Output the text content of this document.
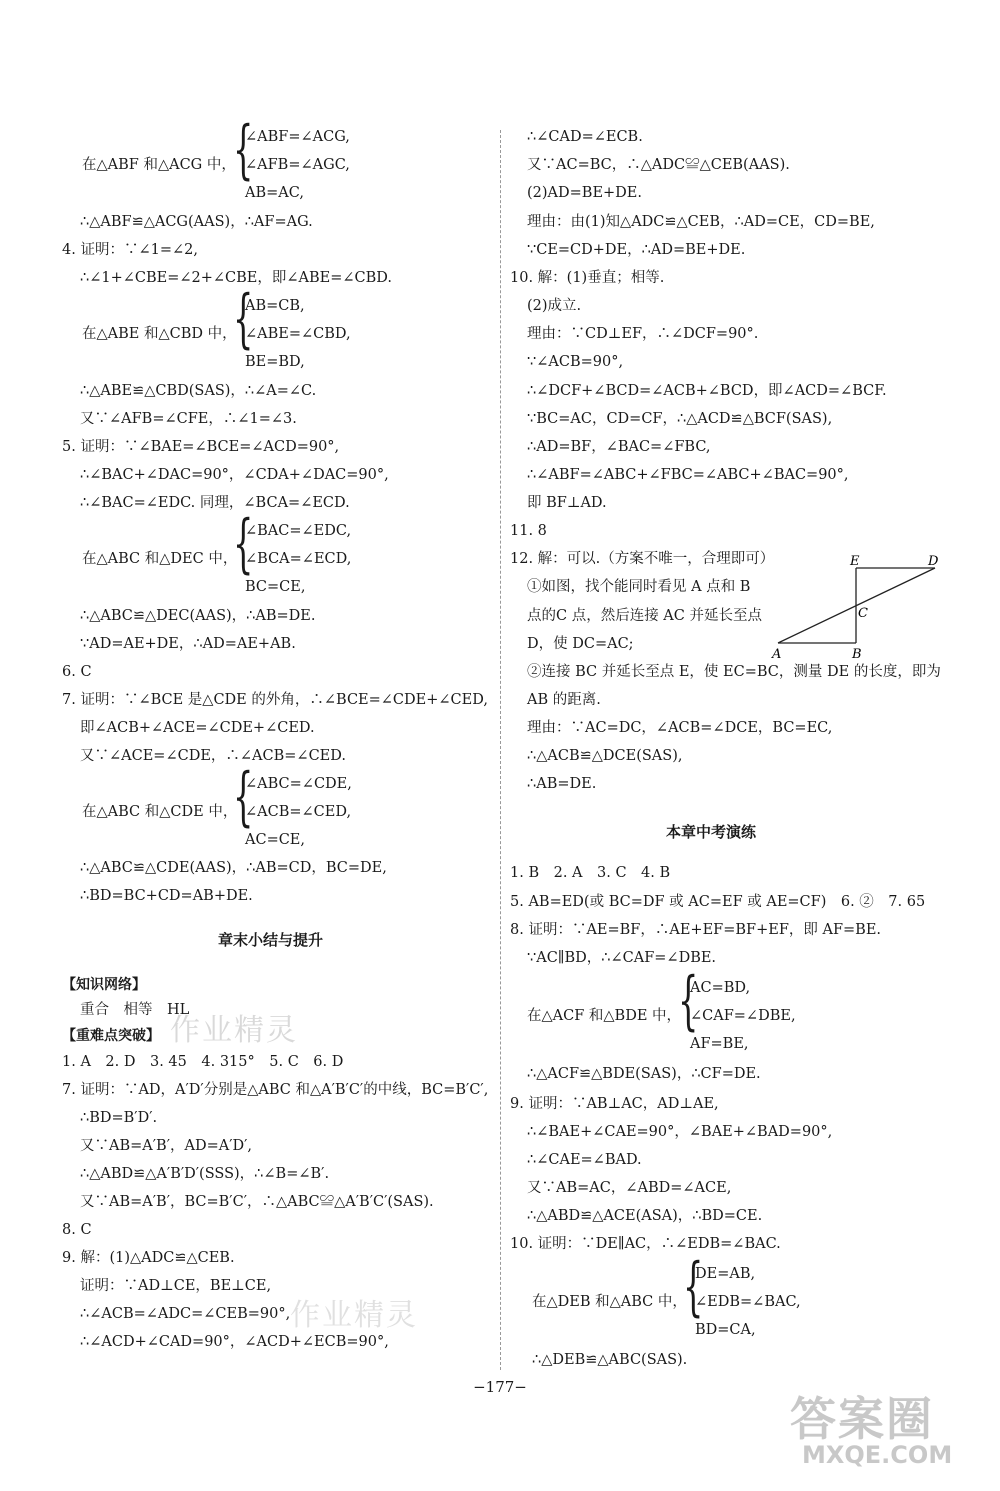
∠ABF=∠ACG,
在△ABF 和△ACG 中， ∠AFB=∠AGC,
AB=AC,
∴△ABF≌△ACG(AAS)，∴AF=AG.
4. 证明：∵∠1=∠2,
∴∠1+∠CBE=∠2+∠CBE，即∠ABE=∠CBD.
AB=CB,
在△ABE 和△CBD 中， ∠ABE=∠CBD,
BE=BD,
∴△ABE≌△CBD(SAS)，∴∠A=∠C.
又∵∠AFB=∠CFE，∴∠1=∠3.
5. 证明：∵∠BAE=∠BCE=∠ACD=90°,
∴∠BAC+∠DAC=90°，∠CDA+∠DAC=90°,
∴∠BAC=∠EDC. 同理，∠BCA=∠ECD.
∠BAC=∠EDC,
在△ABC 和△DEC 中， ∠BCA=∠ECD,
BC=CE,
∴△ABC≌△DEC(AAS)，∴AB=DE.
∵AD=AE+DE，∴AD=AE+AB.
6. C
7. 证明：∵∠BCE 是△CDE 的外角，∴∠BCE=∠CDE+∠CED,
即∠ACB+∠ACE=∠CDE+∠CED.
又∵∠ACE=∠CDE，∴∠ACB=∠CED.
∠ABC=∠CDE,
在△ABC 和△CDE 中， ∠ACB=∠CED,
AC=CE,
∴△ABC≌△CDE(AAS)，∴AB=CD，BC=DE,
∴BD=BC+CD=AB+DE.
【知识网络】
重合　相等　HL
【重难点突破】
1. A　2. D　3. 45　4. 315°　5. C　6. D
7. 证明：∵AD，A′D′分别是△ABC 和△A′B′C′的中线，BC=B′C′,
∴BD=B′D′.
又∵AB=A′B′，AD=A′D′,
∴△ABD≌△A′B′D′(SSS)，∴∠B=∠B′.
又∵AB=A′B′，BC=B′C′，∴△ABC≌△A′B′C′(SAS).
8. C
9. 解：(1)△ADC≌△CEB.
证明：∵AD⊥CE，BE⊥CE,
∴∠ACB=∠ADC=∠CEB=90°,
∴∠ACD+∠CAD=90°，∠ACD+∠ECB=90°,
∴∠CAD=∠ECB.
又∵AC=BC，∴△ADC≌△CEB(AAS).
(2)AD=BE+DE.
理由：由(1)知△ADC≌△CEB，∴AD=CE，CD=BE,
∵CE=CD+DE，∴AD=BE+DE.
10. 解：(1)垂直；相等.
(2)成立.
理由：∵CD⊥EF，∴∠DCF=90°.
∵∠ACB=90°,
∴∠DCF+∠BCD=∠ACB+∠BCD，即∠ACD=∠BCF.
∵BC=AC，CD=CF，∴△ACD≌△BCF(SAS),
∴AD=BF，∠BAC=∠FBC,
∴∠ABF=∠ABC+∠FBC=∠ABC+∠BAC=90°,
即 BF⊥AD.
11. 8
12. 解：可以.（方案不唯一，合理即可）
①如图，找个能同时看见 A 点和 B
点的C 点，然后连接 AC 并延长至点
D，使 DC=AC;
②连接 BC 并延长至点 E，使 EC=BC，测量 DE 的长度，即为
AB 的距离.
理由：∵AC=DC，∠ACB=∠DCE，BC=EC,
∴△ACB≌△DCE(SAS),
∴AB=DE.
1. B　2. A　3. C　4. B
5. AB=ED(或 BC=DF 或 AC=EF 或 AE=CF)　6. ②　7. 65
8. 证明：∵AE=BF，∴AE+EF=BF+EF，即 AF=BE.
∵AC∥BD，∴∠CAF=∠DBE.
AC=BD,
在△ACF 和△BDE 中， ∠CAF=∠DBE,
AF=BE,
∴△ACF≌△BDE(SAS)，∴CF=DE.
9. 证明：∵AB⊥AC，AD⊥AE,
∴∠BAE+∠CAE=90°，∠BAE+∠BAD=90°,
∴∠CAE=∠BAD.
又∵AB=AC，∠ABD=∠ACE,
∴△ABD≌△ACE(ASA)，∴BD=CE.
10. 证明：∵DE∥AC，∴∠EDB=∠BAC.
DE=AB,
在△DEB 和△ABC 中， ∠EDB=∠BAC,
BD=CA,
∴△DEB≌△ABC(SAS).
{
{
{
{
{
{
章末小结与提升
本章中考演练
E	D
C
A	B
作业精灵
作业精灵
−177−
答案圈
MXQE.COM
